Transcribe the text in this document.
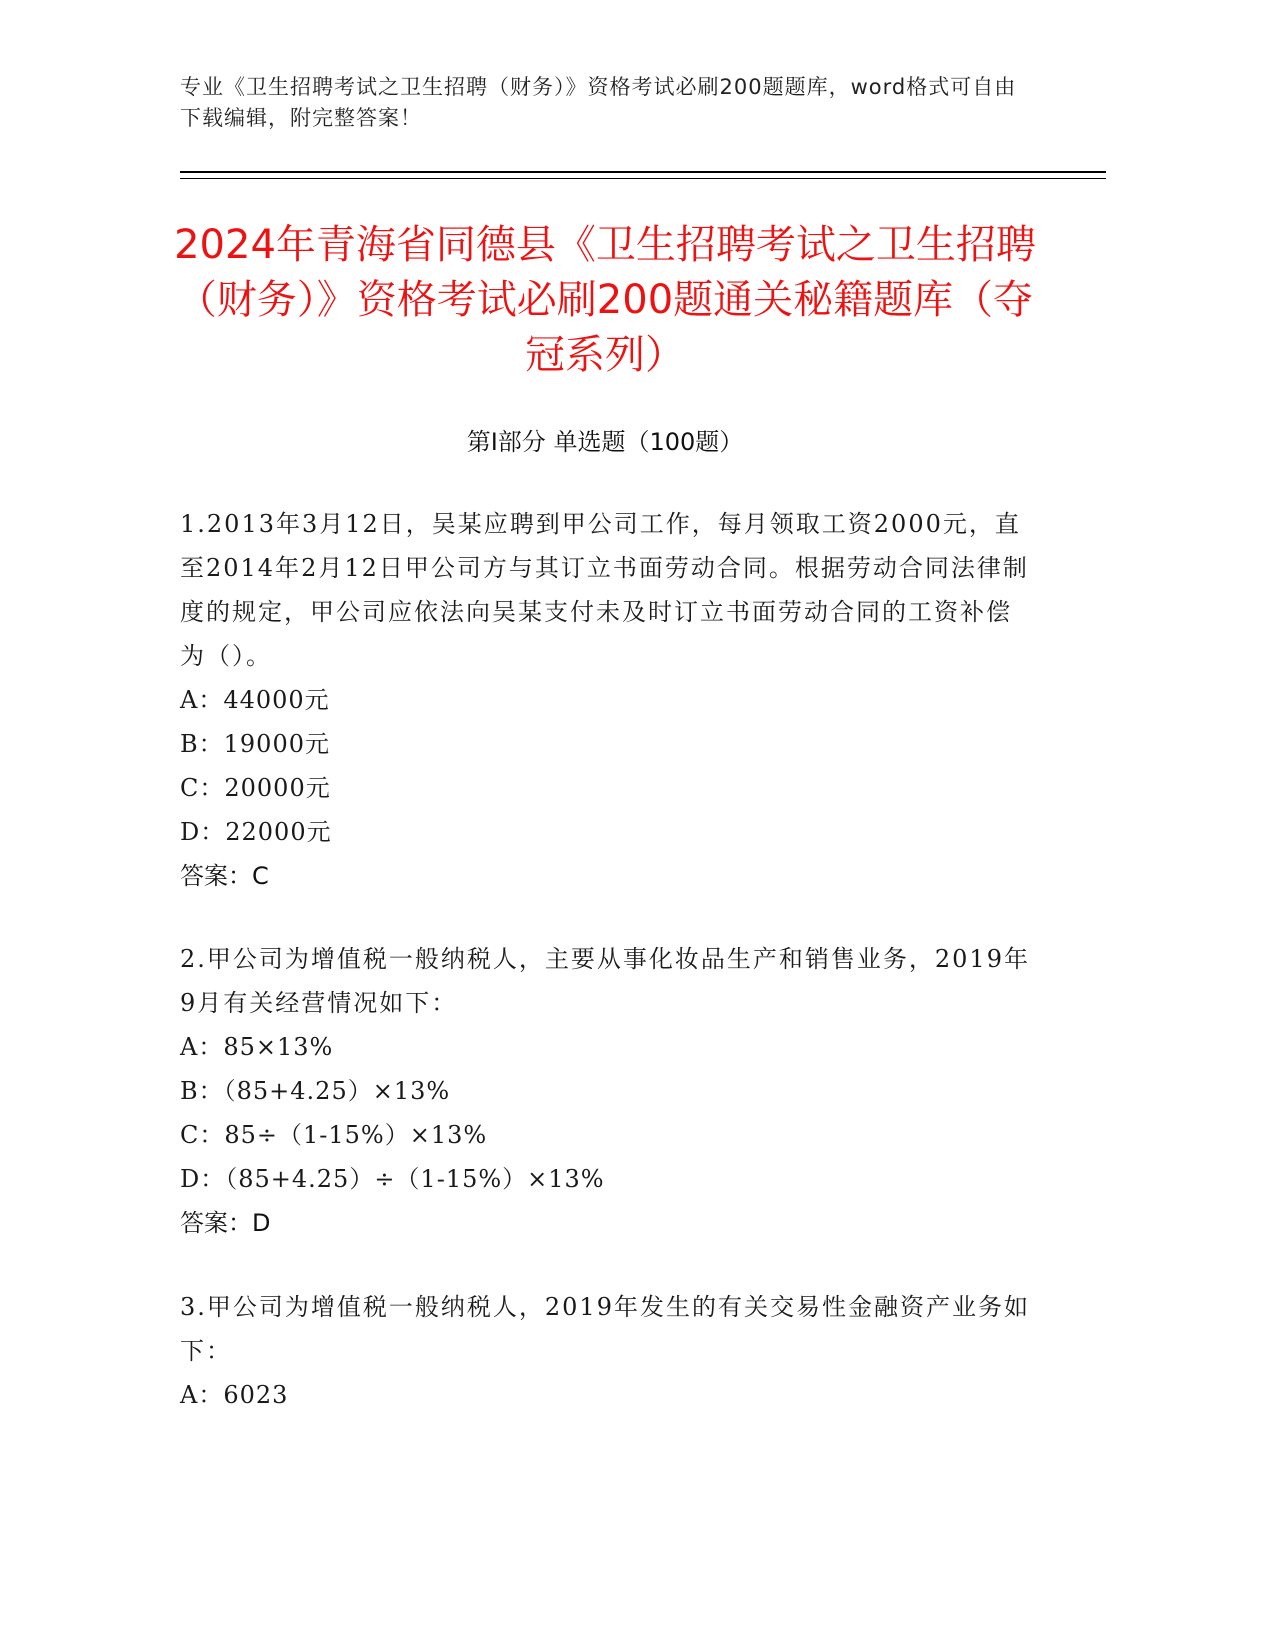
专业《卫生招聘考试之卫生招聘（财务）》资格考试必刷200题题库，word格式可自由下载编辑，附完整答案！
2024年青海省同德县《卫生招聘考试之卫生招聘（财务）》资格考试必刷200题通关秘籍题库（夺冠系列）
第I部分 单选题（100题）

1.2013年3月12日，吴某应聘到甲公司工作，每月领取工资2000元，直至2014年2月12日甲公司方与其订立书面劳动合同。根据劳动合同法律制度的规定，甲公司应依法向吴某支付未及时订立书面劳动合同的工资补偿为（）。

A：44000元

B：19000元

C：20000元

D：22000元

答案：C

2.甲公司为增值税一般纳税人，主要从事化妆品生产和销售业务，2019年9月有关经营情况如下：

A：85×13%

B：（85+4.25）×13%

C：85÷（1-15%）×13%

D：（85+4.25）÷（1-15%）×13%

答案：D

3.甲公司为增值税一般纳税人，2019年发生的有关交易性金融资产业务如下：

A：6023
